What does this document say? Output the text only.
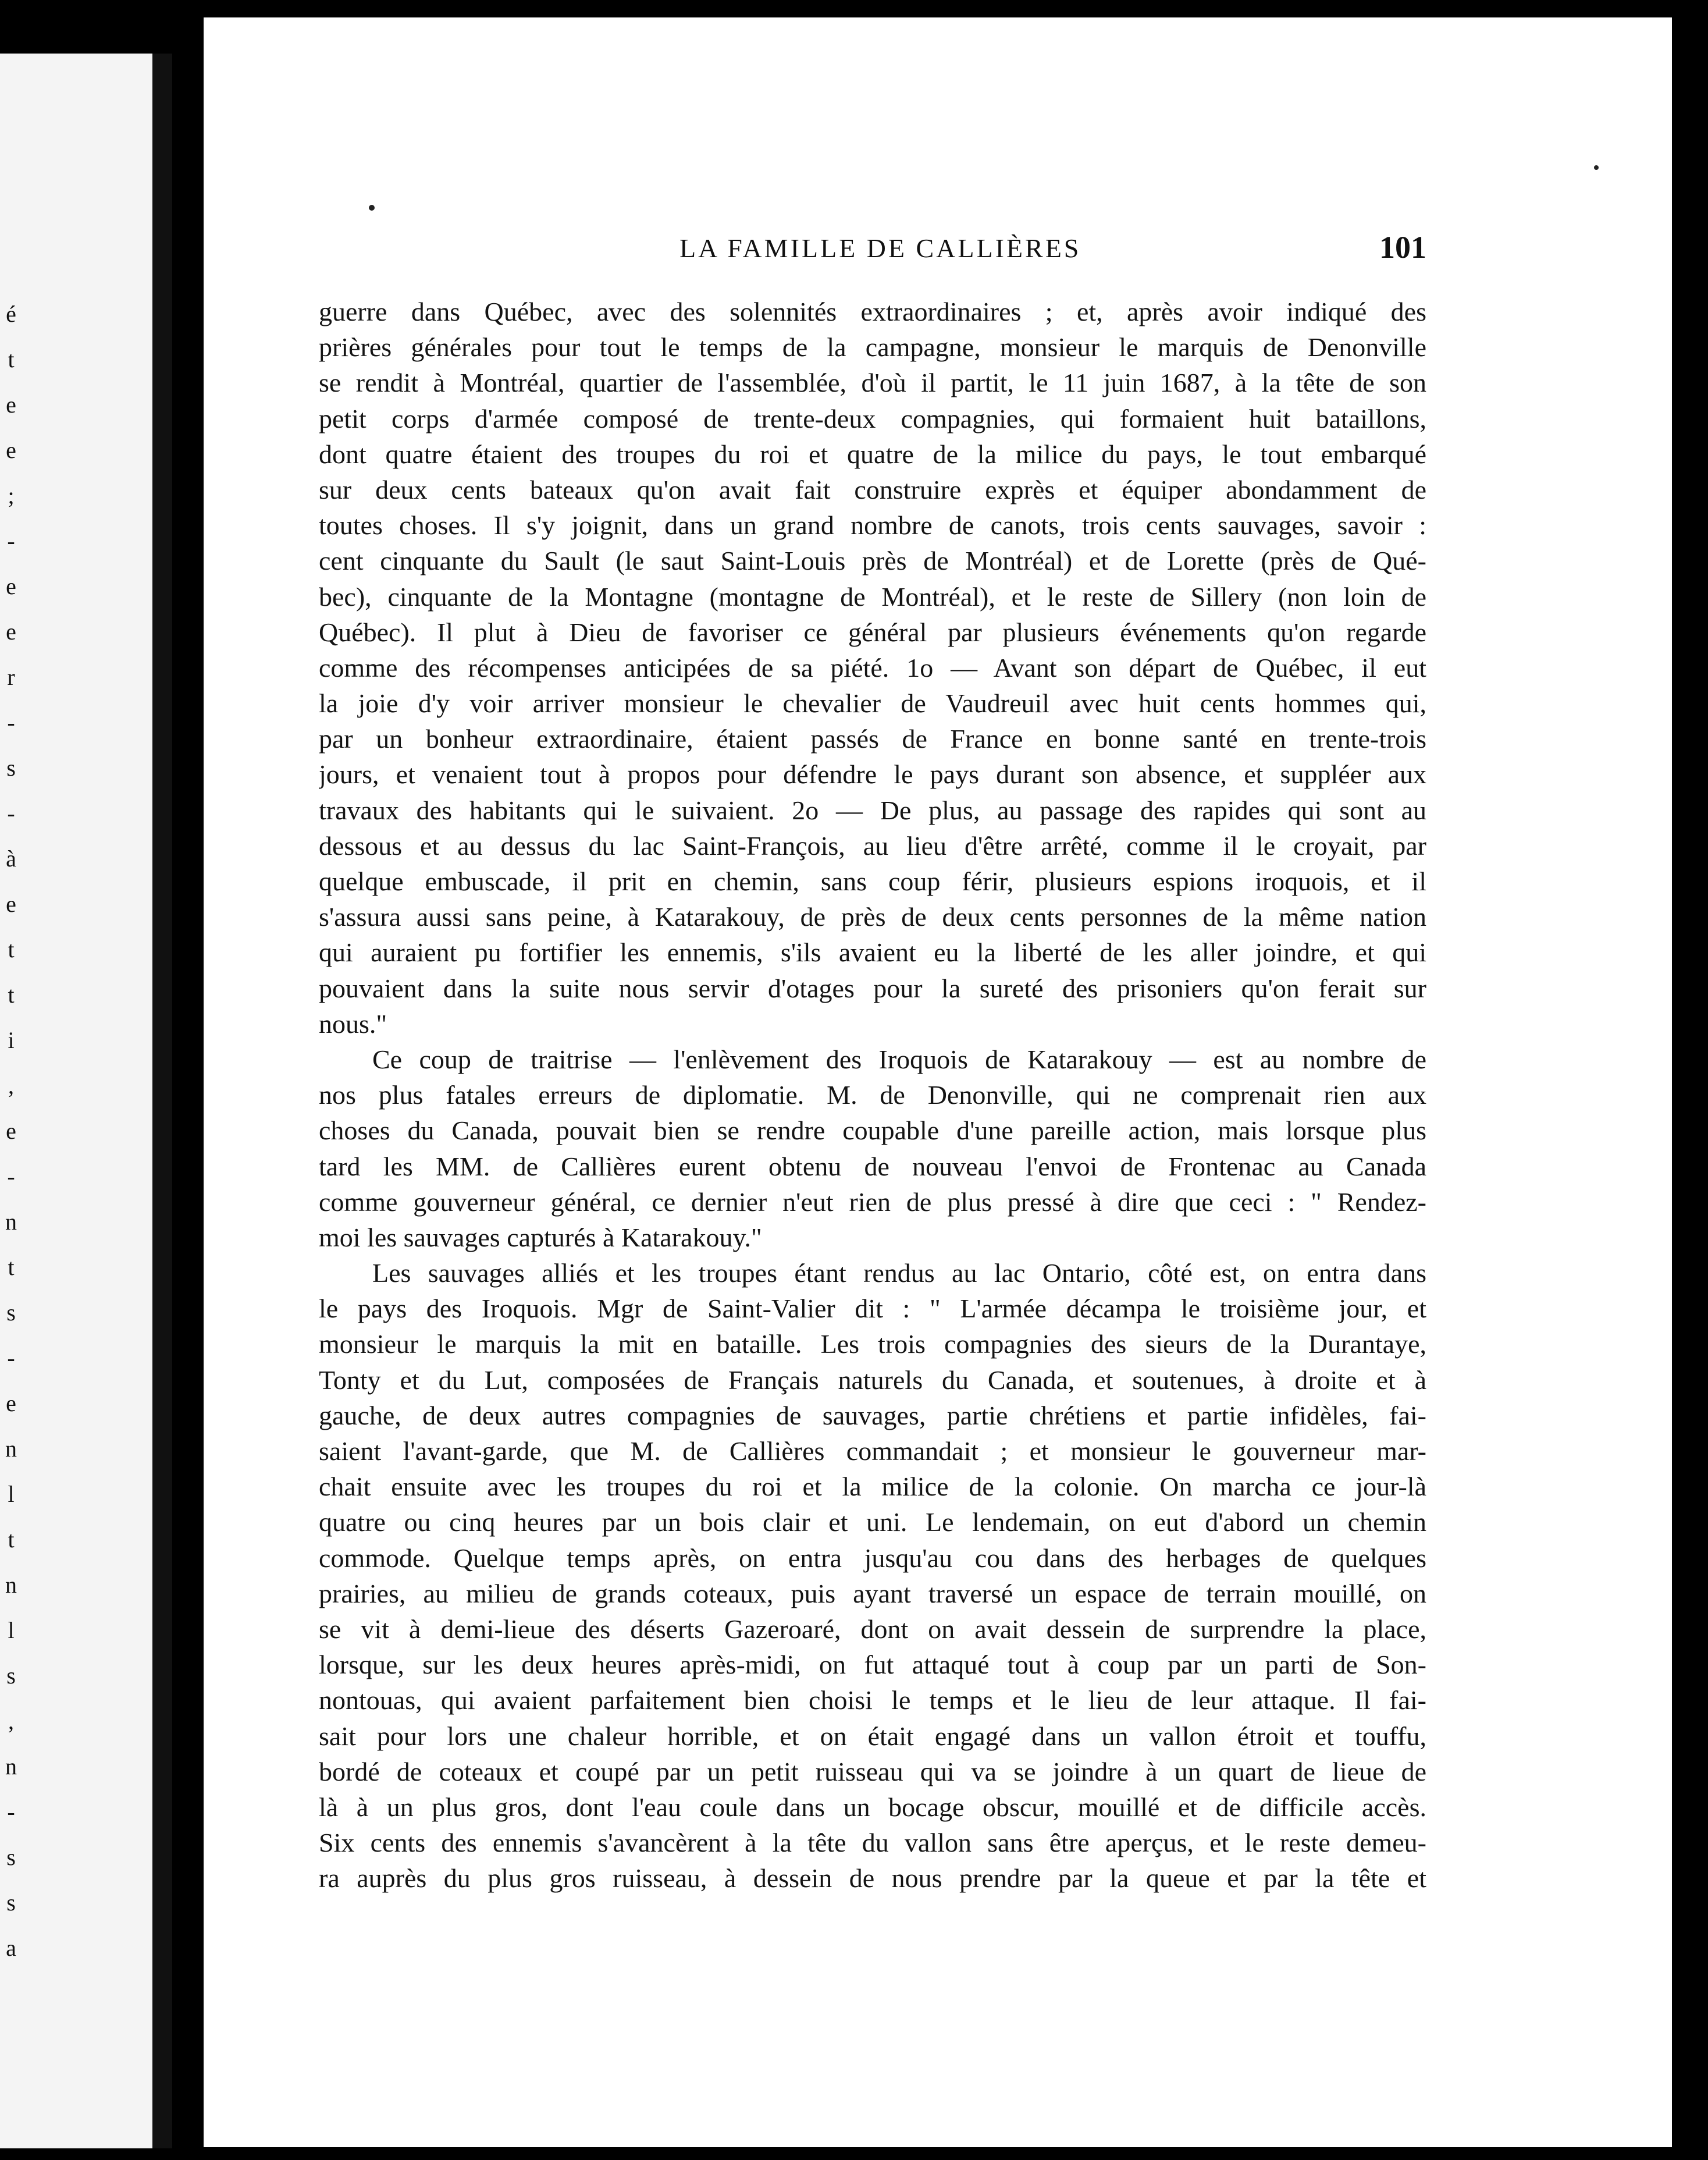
é
t
e
e
;
-
e
e
r
-
s
-
à
e
t
t
i
,
e
-
n
t
s
-
e
n
l
t
n
l
s
,
n
-
s
s
a
LA FAMILLE DE CALLIÈRES	101
guerre dans Québec, avec des solennités extraordinaires ; et, après avoir indiqué des
prières générales pour tout le temps de la campagne, monsieur le marquis de Denonville
se rendit à Montréal, quartier de l'assemblée, d'où il partit, le 11 juin 1687, à la tête de son
petit corps d'armée composé de trente-deux compagnies, qui formaient huit bataillons,
dont quatre étaient des troupes du roi et quatre de la milice du pays, le tout embarqué
sur deux cents bateaux qu'on avait fait construire exprès et équiper abondamment de
toutes choses. Il s'y joignit, dans un grand nombre de canots, trois cents sauvages, savoir :
cent cinquante du Sault (le saut Saint-Louis près de Montréal) et de Lorette (près de Qué-
bec), cinquante de la Montagne (montagne de Montréal), et le reste de Sillery (non loin de
Québec). Il plut à Dieu de favoriser ce général par plusieurs événements qu'on regarde
comme des récompenses anticipées de sa piété. 1o — Avant son départ de Québec, il eut
la joie d'y voir arriver monsieur le chevalier de Vaudreuil avec huit cents hommes qui,
par un bonheur extraordinaire, étaient passés de France en bonne santé en trente-trois
jours, et venaient tout à propos pour défendre le pays durant son absence, et suppléer aux
travaux des habitants qui le suivaient. 2o — De plus, au passage des rapides qui sont au
dessous et au dessus du lac Saint-François, au lieu d'être arrêté, comme il le croyait, par
quelque embuscade, il prit en chemin, sans coup férir, plusieurs espions iroquois, et il
s'assura aussi sans peine, à Katarakouy, de près de deux cents personnes de la même nation
qui auraient pu fortifier les ennemis, s'ils avaient eu la liberté de les aller joindre, et qui
pouvaient dans la suite nous servir d'otages pour la sureté des prisoniers qu'on ferait sur
nous."
Ce coup de traitrise — l'enlèvement des Iroquois de Katarakouy — est au nombre de
nos plus fatales erreurs de diplomatie. M. de Denonville, qui ne comprenait rien aux
choses du Canada, pouvait bien se rendre coupable d'une pareille action, mais lorsque plus
tard les MM. de Callières eurent obtenu de nouveau l'envoi de Frontenac au Canada
comme gouverneur général, ce dernier n'eut rien de plus pressé à dire que ceci : " Rendez-
moi les sauvages capturés à Katarakouy."
Les sauvages alliés et les troupes étant rendus au lac Ontario, côté est, on entra dans
le pays des Iroquois. Mgr de Saint-Valier dit : " L'armée décampa le troisième jour, et
monsieur le marquis la mit en bataille. Les trois compagnies des sieurs de la Durantaye,
Tonty et du Lut, composées de Français naturels du Canada, et soutenues, à droite et à
gauche, de deux autres compagnies de sauvages, partie chrétiens et partie infidèles, fai-
saient l'avant-garde, que M. de Callières commandait ; et monsieur le gouverneur mar-
chait ensuite avec les troupes du roi et la milice de la colonie. On marcha ce jour-là
quatre ou cinq heures par un bois clair et uni. Le lendemain, on eut d'abord un chemin
commode. Quelque temps après, on entra jusqu'au cou dans des herbages de quelques
prairies, au milieu de grands coteaux, puis ayant traversé un espace de terrain mouillé, on
se vit à demi-lieue des déserts Gazeroaré, dont on avait dessein de surprendre la place,
lorsque, sur les deux heures après-midi, on fut attaqué tout à coup par un parti de Son-
nontouas, qui avaient parfaitement bien choisi le temps et le lieu de leur attaque. Il fai-
sait pour lors une chaleur horrible, et on était engagé dans un vallon étroit et touffu,
bordé de coteaux et coupé par un petit ruisseau qui va se joindre à un quart de lieue de
là à un plus gros, dont l'eau coule dans un bocage obscur, mouillé et de difficile accès.
Six cents des ennemis s'avancèrent à la tête du vallon sans être aperçus, et le reste demeu-
ra auprès du plus gros ruisseau, à dessein de nous prendre par la queue et par la tête et
